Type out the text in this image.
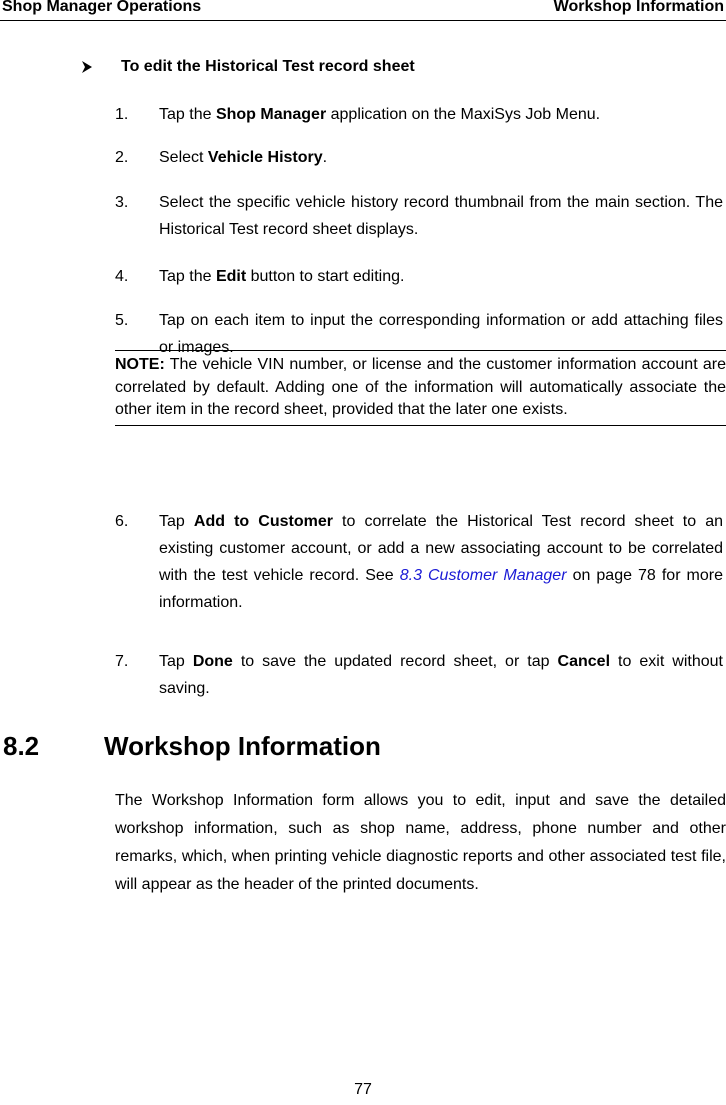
Shop Manager Operations	Workshop Information
To edit the Historical Test record sheet
1. Tap the Shop Manager application on the MaxiSys Job Menu.
2. Select Vehicle History.
3. Select the specific vehicle history record thumbnail from the main section. The Historical Test record sheet displays.
4. Tap the Edit button to start editing.
5. Tap on each item to input the corresponding information or add attaching files or images.
NOTE: The vehicle VIN number, or license and the customer information account are correlated by default. Adding one of the information will automatically associate the other item in the record sheet, provided that the later one exists.
6. Tap Add to Customer to correlate the Historical Test record sheet to an existing customer account, or add a new associating account to be correlated with the test vehicle record. See 8.3 Customer Manager on page 78 for more information.
7. Tap Done to save the updated record sheet, or tap Cancel to exit without saving.
8.2 Workshop Information
The Workshop Information form allows you to edit, input and save the detailed workshop information, such as shop name, address, phone number and other remarks, which, when printing vehicle diagnostic reports and other associated test file, will appear as the header of the printed documents.
77
